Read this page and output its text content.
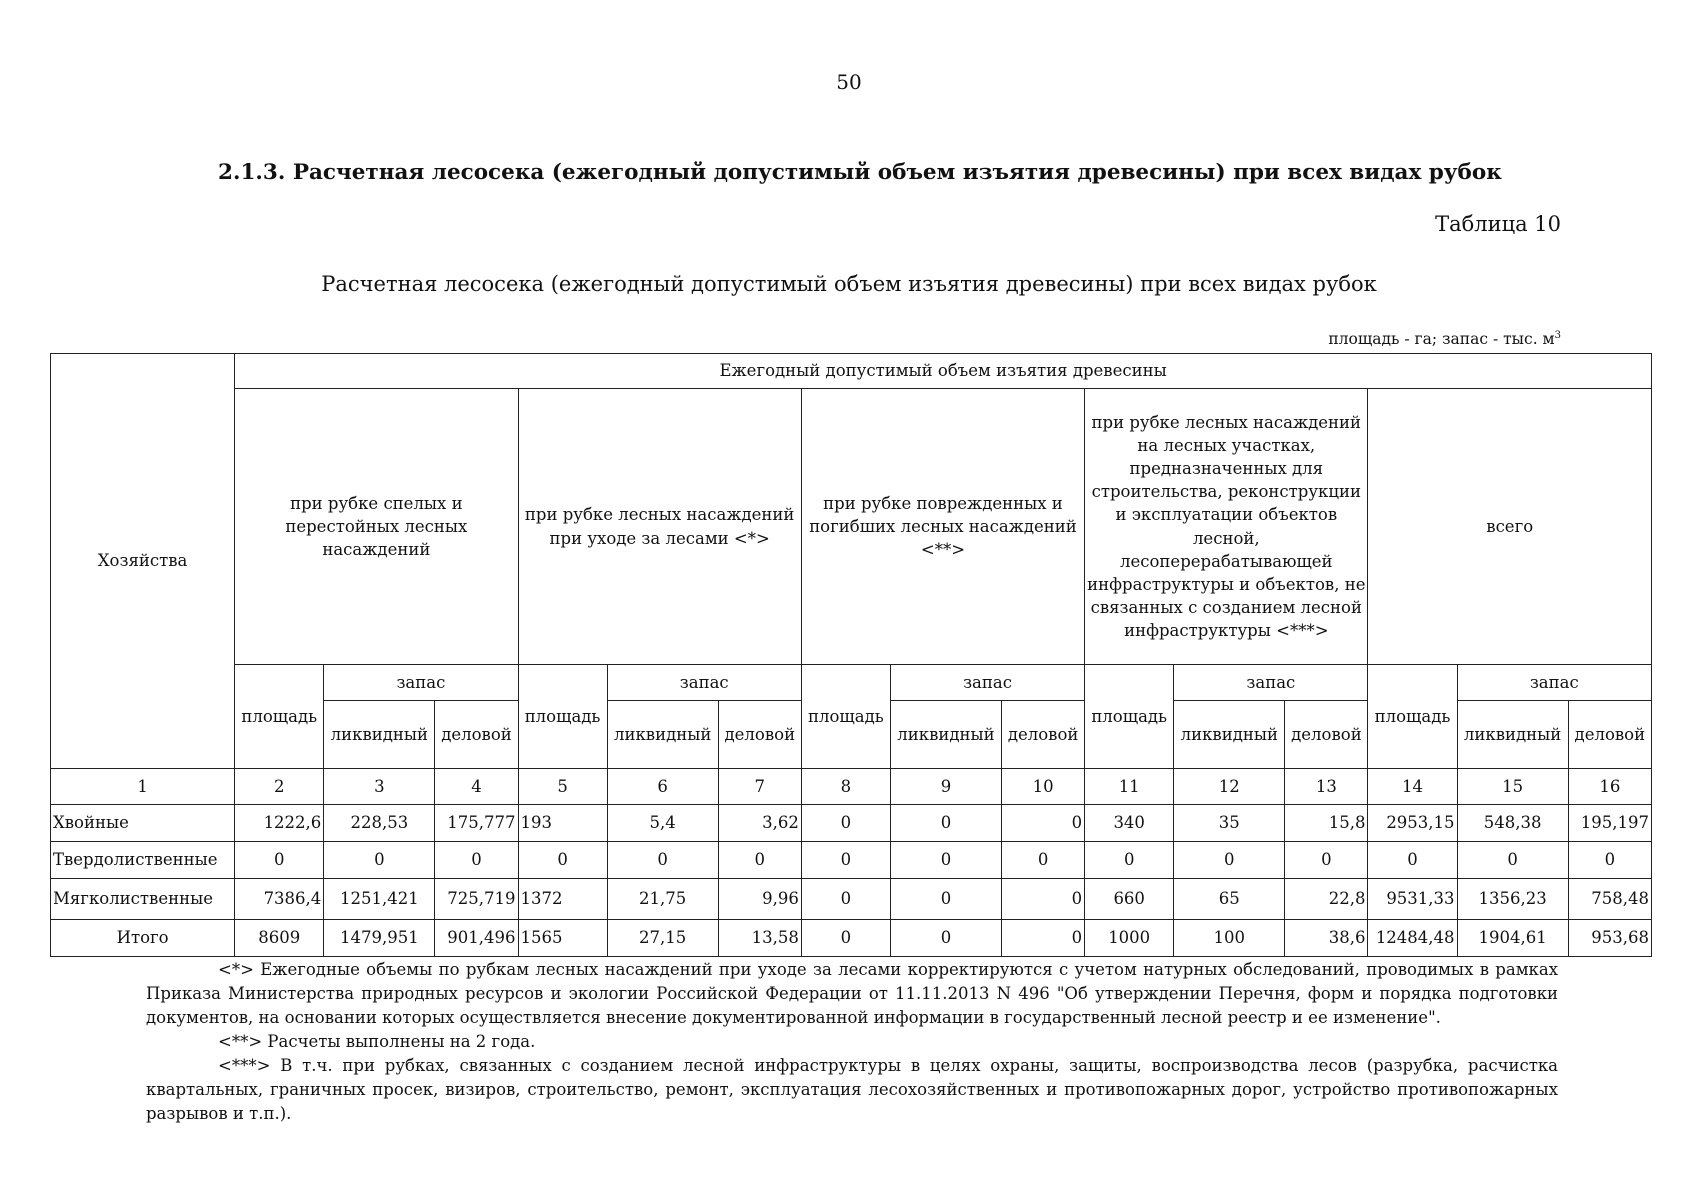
50
2.1.3. Расчетная лесосека (ежегодный допустимый объем изъятия древесины) при всех видах рубок
Таблица 10
Расчетная лесосека (ежегодный допустимый объем изъятия древесины) при всех видах рубок
площадь - га; запас - тыс. $м^3$
Хозяйства	Ежегодный допустимый объем изъятия древесины														
	при рубке спелых и перестойных лесных насаждений			при рубке лесных насаждений при уходе за лесами <*>			при рубке поврежденных и погибших лесных насаждений <**>			при рубке лесных насаждений на лесных участках, предназначенных для строительства, реконструкции и эксплуатации объектов лесной, лесоперерабатывающей инфраструктуры и объектов, не связанных с созданием лесной инфраструктуры <***>			всего		
	площадь	запас		площадь	запас		площадь	запас		площадь	запас		площадь	запас	
		ликвидный	деловой		ликвидный	деловой		ликвидный	деловой		ликвидный	деловой		ликвидный	деловой
1	2	3	4	5	6	7	8	9	10	11	12	13	14	15	16
Хвойные	1222,6	228,53	175,777	193	5,4	3,62	0	0	0	340	35	15,8	2953,15	548,38	195,197
Твердолиственные	0	0	0	0	0	0	0	0	0	0	0	0	0	0	0
Мягколиственные	7386,4	1251,421	725,719	1372	21,75	9,96	0	0	0	660	65	22,8	9531,33	1356,23	758,48
Итого	8609	1479,951	901,496	1565	27,15	13,58	0	0	0	1000	100	38,6	12484,48	1904,61	953,68

<*> Ежегодные объемы по рубкам лесных насаждений при уходе за лесами корректируются с учетом натурных обследований, проводимых в рамках Приказа Министерства природных ресурсов и экологии Российской Федерации от 11.11.2013 N 496 "Об утверждении Перечня, форм и порядка подготовки документов, на основании которых осуществляется внесение документированной информации в государственный лесной реестр и ее изменение".

<**> Расчеты выполнены на 2 года.

<***> В т.ч. при рубках, связанных с созданием лесной инфраструктуры в целях охраны, защиты, воспроизводства лесов (разрубка, расчистка квартальных, граничных просек, визиров, строительство, ремонт, эксплуатация лесохозяйственных и противопожарных дорог, устройство противопожарных разрывов и т.п.).
